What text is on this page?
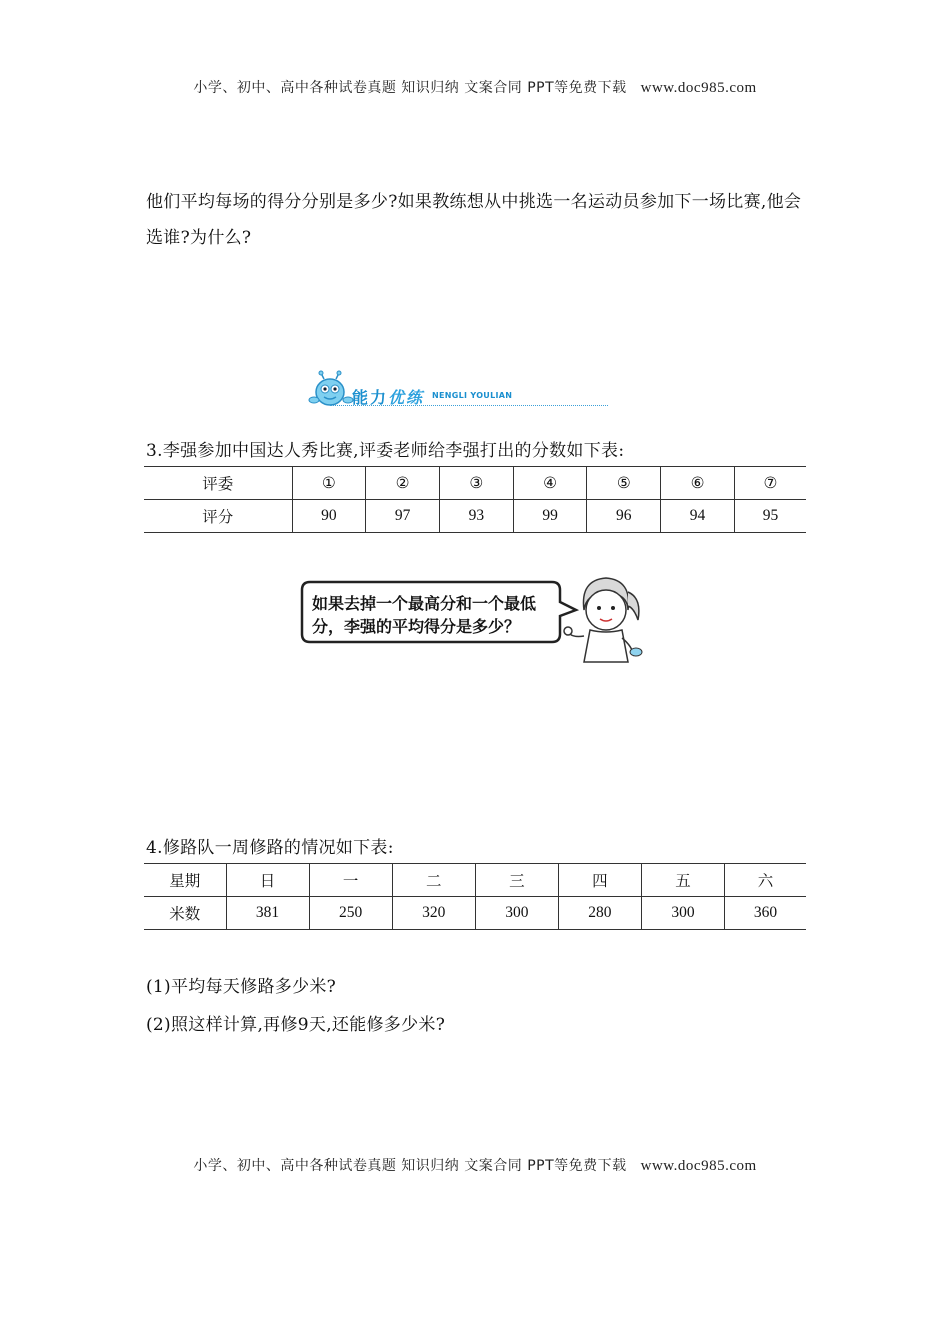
小学、初中、高中各种试卷真题 知识归纳 文案合同 PPT等免费下载 www.doc985.com
他们平均每场的得分分别是多少?如果教练想从中挑选一名运动员参加下一场比赛,他会选谁?为什么?
能力优练 NENGLI YOULIAN
3.李强参加中国达人秀比赛,评委老师给李强打出的分数如下表:
评委	①	②	③	④	⑤	⑥	⑦
评分	90	97	93	99	96	94	95
如果去掉一个最高分和一个最低分，李强的平均得分是多少？
4.修路队一周修路的情况如下表:
星期	日	一	二	三	四	五	六
米数	381	250	320	300	280	300	360
(1)平均每天修路多少米?
(2)照这样计算,再修9天,还能修多少米?
小学、初中、高中各种试卷真题 知识归纳 文案合同 PPT等免费下载 www.doc985.com
